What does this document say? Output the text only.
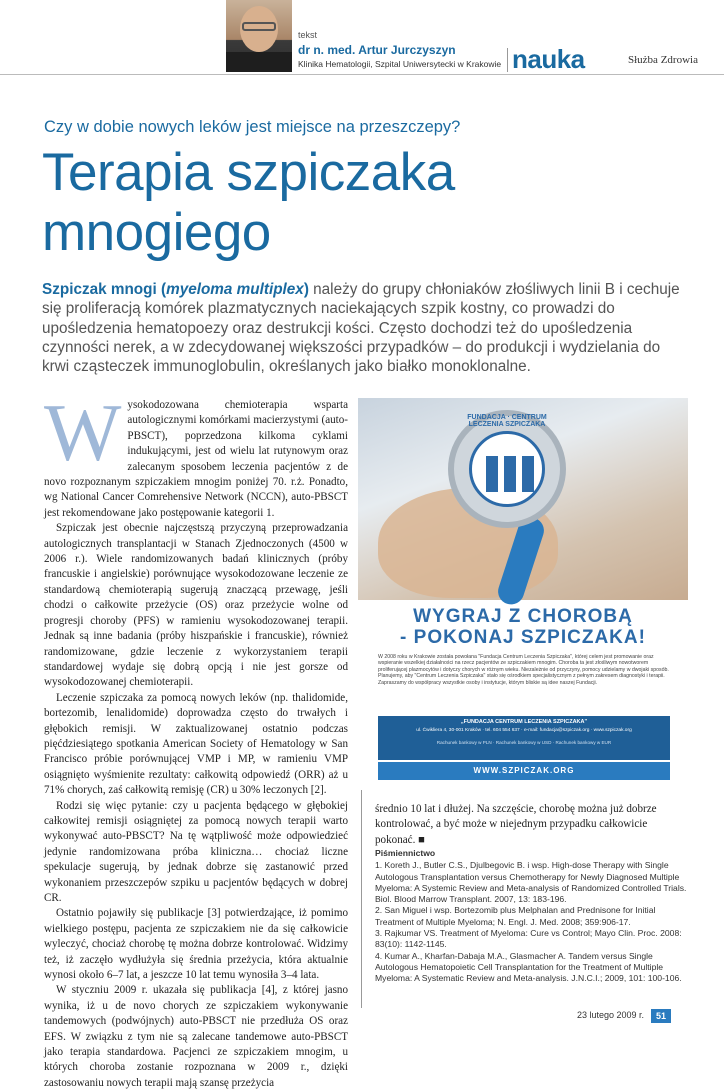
tekst
dr n. med. Artur Jurczyszyn
Klinika Hematologii, Szpital Uniwersytecki w Krakowie nauka	Służba Zdrowia
Czy w dobie nowych leków jest miejsce na przeszczepy?
Terapia szpiczaka
mnogiego
Szpiczak mnogi (myeloma multiplex) należy do grupy chłoniaków złośliwych linii B i cechuje się proliferacją komórek plazmatycznych naciekających szpik kostny, co prowadzi do upośledzenia hematopoezy oraz destrukcji kości. Często dochodzi też do upośledzenia czynności nerek, a w zdecydowanej większości przypadków – do produkcji i wydzielania do krwi cząsteczek immunoglobulin, określanych jako białko monoklonalne.

Wysokodozowana chemioterapia wsparta autologicznymi komórkami macierzystymi (auto-PBSCT), poprzedzona kilkoma cyklami indukującymi, jest od wielu lat rutynowym oraz zalecanym sposobem leczenia pacjentów z de novo rozpoznanym szpiczakiem mnogim poniżej 70. r.ż. Ponadto, wg National Cancer Comrehensive Network (NCCN), auto-PBSCT jest rekomendowane jako postępowanie kategorii 1.

Szpiczak jest obecnie najczęstszą przyczyną przeprowadzania autologicznych transplantacji w Stanach Zjednoczonych (4500 w 2006 r.). Wiele randomizowanych badań klinicznych (próby francuskie i angielskie) porównujące wysokodozowane leczenie ze standardową chemioterapią sugerują znaczącą przewagę, jeśli chodzi o całkowite przeżycie (OS) oraz przeżycie wolne od progresji choroby (PFS) w ramieniu wysokodozowanej terapii. Jednak są inne badania (próby hiszpańskie i francuskie), również randomizowane, gdzie leczenie z wykorzystaniem terapii standardowej wydaje się dobrą opcją i nie jest gorsze od wysokodozowanej chemioterapii.

Leczenie szpiczaka za pomocą nowych leków (np. thalidomide, bortezomib, lenalidomide) doprowadza często do trwałych i głębokich remisji. W zaktualizowanej ostatnio podczas pięćdziesiątego spotkania American Society of Hematology w San Francisco próbie porównującej VMP i MP, w ramieniu VMP osiągnięto wyśmienite rezultaty: całkowitą odpowiedź (ORR) aż u 71% chorych, zaś całkowitą remisję (CR) u 30% leczonych [2].

Rodzi się więc pytanie: czy u pacjenta będącego w głębokiej całkowitej remisji osiągniętej za pomocą nowych terapii warto wykonywać auto-PBSCT? Na tę wątpliwość może odpowiedzieć jedynie randomizowana próba kliniczna… chociaż liczne spekulacje sugerują, by jednak dobrze się zastanowić przed wykonaniem przeszczepów szpiku u pacjentów będących w dobrej CR.

Ostatnio pojawiły się publikacje [3] potwierdzające, iż pomimo wielkiego postępu, pacjenta ze szpiczakiem nie da się całkowicie wyleczyć, chociaż chorobę tę można dobrze kontrolować. Widzimy też, iż zaczęło wydłużyła się średnia przeżycia, która aktualnie wynosi około 6–7 lat, a jeszcze 10 lat temu wynosiła 3–4 lata.

W styczniu 2009 r. ukazała się publikacja [4], z której jasno wynika, iż u de novo chorych ze szpiczakiem wykonywanie tandemowych (podwójnych) auto-PBSCT nie przedłuża OS oraz EFS. W związku z tym nie są zalecane tandemowe auto-PBSCT jako terapia standardowa. Pacjenci ze szpiczakiem mnogim, u których choroba zostanie rozpoznana w 2009 r., dzięki zastosowaniu nowych terapii mają szansę przeżycia

FUNDACJA · CENTRUM LECZENIA SZPICZAKA
WYGRAJ Z CHOROBĄ
- POKONAJ SZPICZAKA!
W 2008 roku w Krakowie została powołana "Fundacja Centrum Leczenia Szpiczaka", której celem jest promowanie oraz wspieranie wszelkiej działalności na rzecz pacjentów ze szpiczakiem mnogim. Choroba ta jest złośliwym nowotworem proliferującej plazmocytów i dotyczy chorych w różnym wieku. Niezależnie od przyczyny, pomocy udzielamy w dwojaki sposób. Planujemy, aby "Centrum Leczenia Szpiczaka" stało się ośrodkiem specjalistycznym z pełnym zakresem diagnostyki i terapii. Zapraszamy do współpracy wszystkie osoby i instytucje, którym bliskie są idee naszej Fundacji.
„FUNDACJA CENTRUM LECZENIA SZPICZAKA"
ul. Ćwikliera 4, 30-001 Kraków · tel. 604 554 637 · e-mail: fundacja@szpiczak.org · www.szpiczak.org
Rachunek bankowy w PLN · Rachunek bankowy w USD · Rachunek bankowy w EUR
WWW.SZPICZAK.ORG
średnio 10 lat i dłużej. Na szczęście, chorobę można już dobrze kontrolować, a być może w niejednym przypadku całkowicie pokonać. ■
Piśmiennictwo
1. Koreth J., Butler C.S., Djulbegovic B. i wsp. High-dose Therapy with Single Autologous Transplantation versus Chemotherapy for Newly Diagnosed Multiple Myeloma: A Systemic Review and Meta-analysis of Randomized Controlled Trials. Biol. Blood Marrow Transplant. 2007, 13: 183-196.
2. San Miguel i wsp. Bortezomib plus Melphalan and Prednisone for Initial Treatment of Multiple Myeloma; N. Engl. J. Med. 2008; 359:906-17.
3. Rajkumar VS. Treatment of Myeloma: Cure vs Control; Mayo Clin. Proc. 2008: 83(10): 1142-1145.
4. Kumar A., Kharfan-Dabaja M.A., Glasmacher A. Tandem versus Single Autologous Hematopoietic Cell Transplantation for the Treatment of Multiple Myeloma: A Systematic Review and Meta-analysis. J.N.C.I.; 2009, 101: 100-106.
23 lutego 2009 r.	51
